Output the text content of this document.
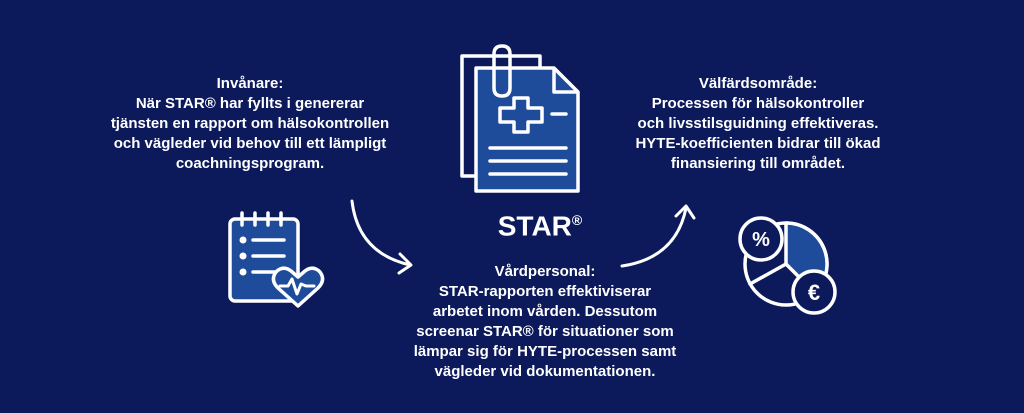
Invånare:
När STAR® har fyllts i genererar
tjänsten en rapport om hälsokontrollen
och vägleder vid behov till ett lämpligt
coachningsprogram.
Vårdpersonal:
STAR-rapporten effektiviserar
arbetet inom vården. Dessutom
screenar STAR® för situationer som
lämpar sig för HYTE-processen samt
vägleder vid dokumentationen.
Välfärdsområde:
Processen för hälsokontroller
och livsstilsguidning effektiveras.
HYTE-koefficienten bidrar till ökad
finansiering till området.
STAR®
%
€
